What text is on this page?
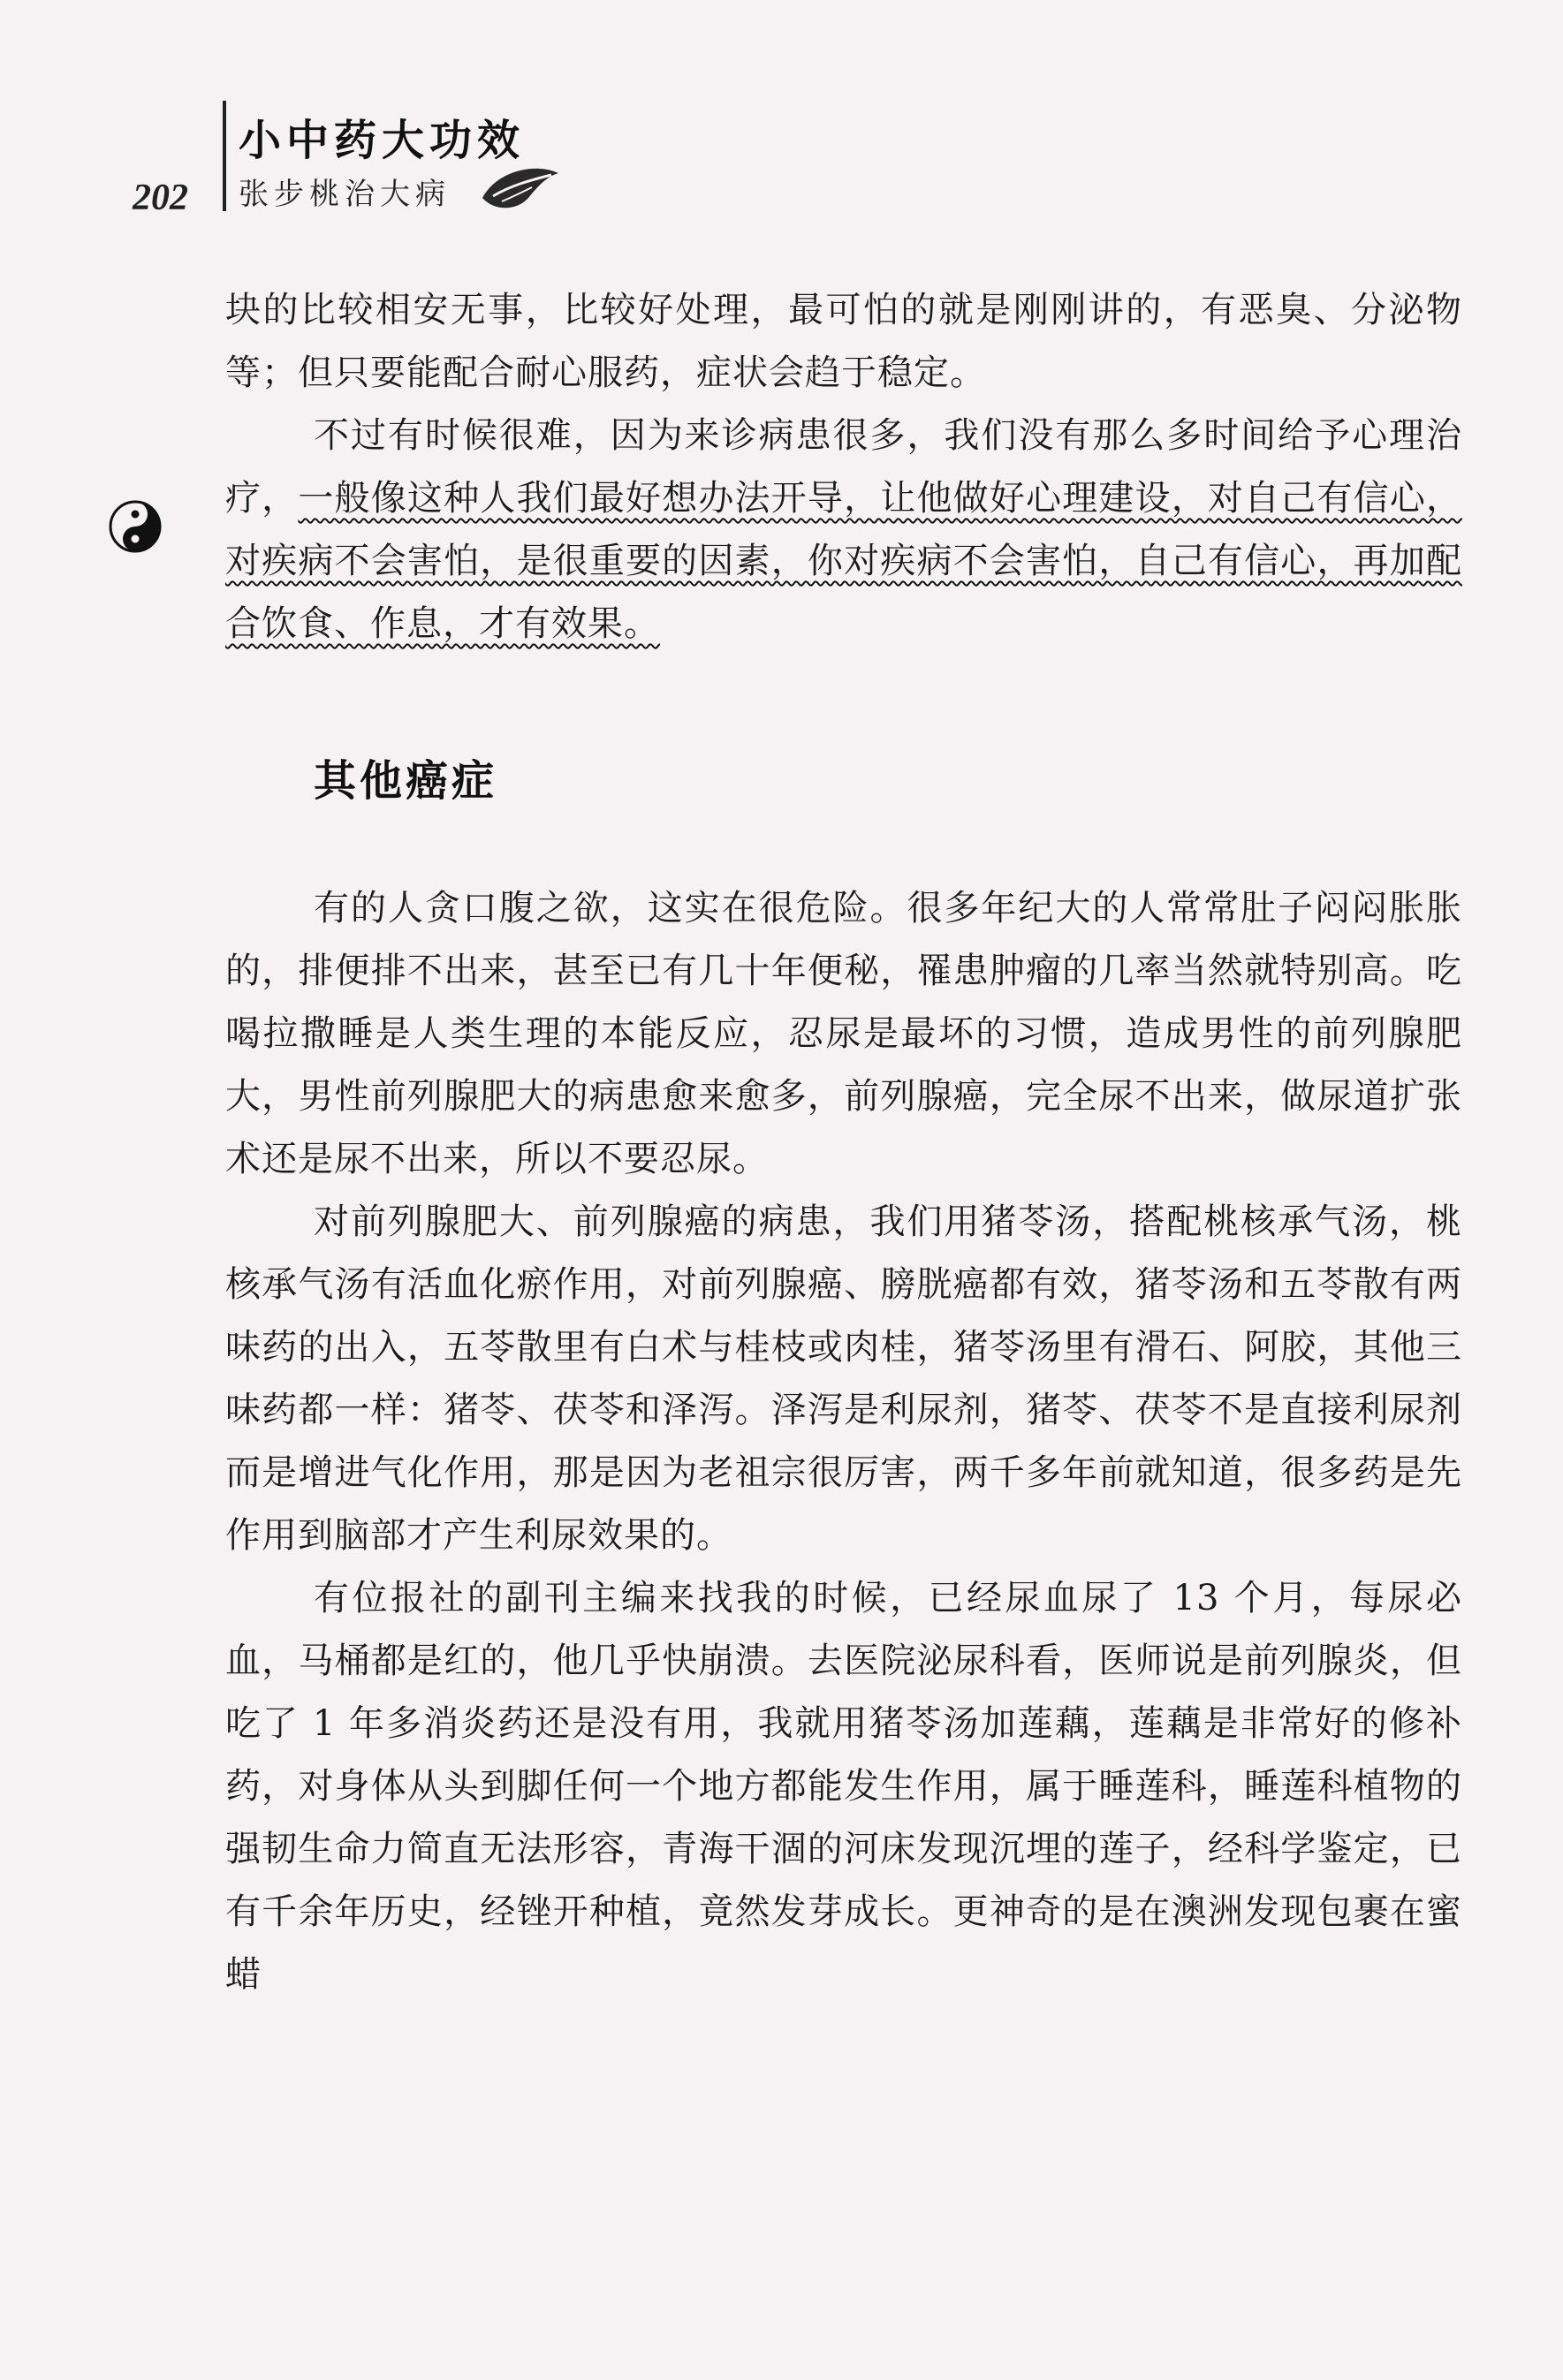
202
小中药大功效
张步桃治大病

块的比较相安无事，比较好处理，最可怕的就是刚刚讲的，有恶臭、分泌物等；但只要能配合耐心服药，症状会趋于稳定。

不过有时候很难，因为来诊病患很多，我们没有那么多时间给予心理治疗，一般像这种人我们最好想办法开导，让他做好心理建设，对自己有信心，对疾病不会害怕，是很重要的因素，你对疾病不会害怕，自己有信心，再加配合饮食、作息，才有效果。

其他癌症

有的人贪口腹之欲，这实在很危险。很多年纪大的人常常肚子闷闷胀胀的，排便排不出来，甚至已有几十年便秘，罹患肿瘤的几率当然就特别高。吃喝拉撒睡是人类生理的本能反应，忍尿是最坏的习惯，造成男性的前列腺肥大，男性前列腺肥大的病患愈来愈多，前列腺癌，完全尿不出来，做尿道扩张术还是尿不出来，所以不要忍尿。

对前列腺肥大、前列腺癌的病患，我们用猪苓汤，搭配桃核承气汤，桃核承气汤有活血化瘀作用，对前列腺癌、膀胱癌都有效，猪苓汤和五苓散有两味药的出入，五苓散里有白术与桂枝或肉桂，猪苓汤里有滑石、阿胶，其他三味药都一样：猪苓、茯苓和泽泻。泽泻是利尿剂，猪苓、茯苓不是直接利尿剂而是增进气化作用，那是因为老祖宗很厉害，两千多年前就知道，很多药是先作用到脑部才产生利尿效果的。

有位报社的副刊主编来找我的时候，已经尿血尿了 13 个月，每尿必血，马桶都是红的，他几乎快崩溃。去医院泌尿科看，医师说是前列腺炎，但吃了 1 年多消炎药还是没有用，我就用猪苓汤加莲藕，莲藕是非常好的修补药，对身体从头到脚任何一个地方都能发生作用，属于睡莲科，睡莲科植物的强韧生命力简直无法形容，青海干涸的河床发现沉埋的莲子，经科学鉴定，已有千余年历史，经锉开种植，竟然发芽成长。更神奇的是在澳洲发现包裹在蜜蜡
